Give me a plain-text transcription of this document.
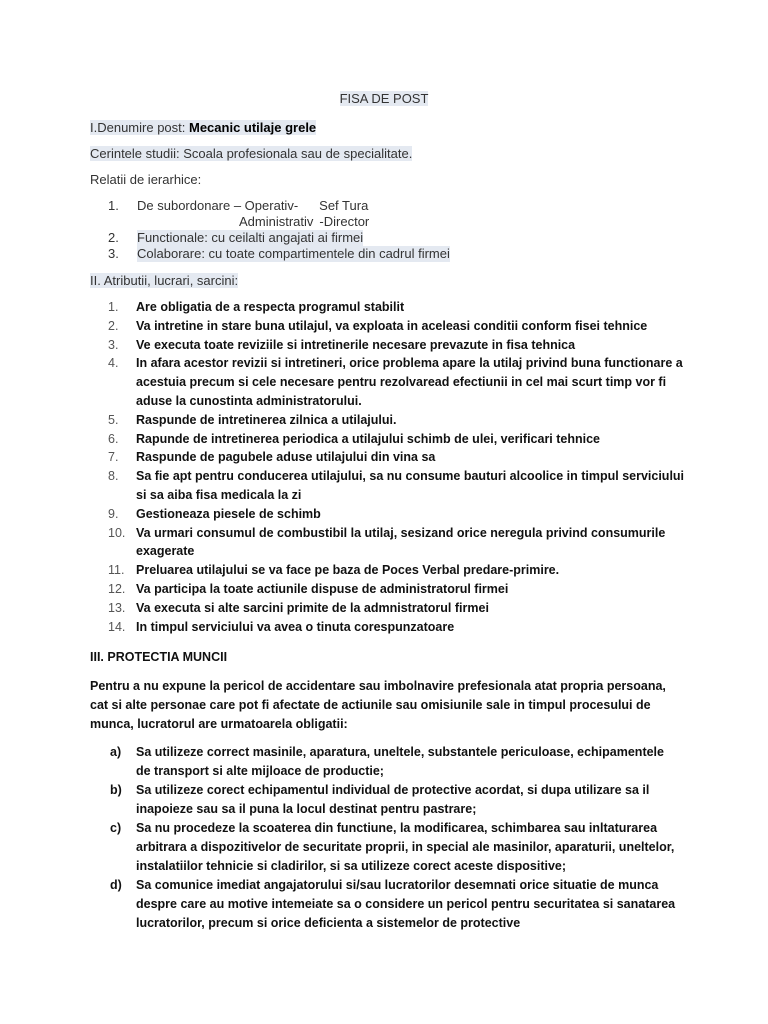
FISA DE POST
I.Denumire post: Mecanic utilaje grele
Cerintele studii: Scoala profesionala sau de specialitate.
Relatii de ierarhice:
1.	De subordonare – Operativ- Sef Tura
Administrativ -Director
2.	Functionale: cu ceilalti angajati ai firmei
3.	Colaborare: cu toate compartimentele din cadrul firmei
II. Atributii, lucrari, sarcini:
1. Are obligatia de a respecta programul stabilit
2. Va intretine in stare buna utilajul, va exploata in aceleasi conditii conform fisei tehnice
3. Ve executa toate reviziile si intretinerile necesare prevazute in fisa tehnica
4. In afara acestor revizii si intretineri, orice problema apare la utilaj privind buna functionare a acestuia precum si cele necesare pentru rezolvaread efectiunii in cel mai scurt timp vor fi aduse la cunostinta administratorului.
5. Raspunde de intretinerea zilnica a utilajului.
6. Rapunde de intretinerea periodica a utilajului schimb de ulei, verificari tehnice
7. Raspunde de pagubele aduse utilajului din vina sa
8. Sa fie apt pentru conducerea utilajului, sa nu consume bauturi alcoolice in timpul serviciului si sa aiba fisa medicala la zi
9. Gestioneaza piesele de schimb
10. Va urmari consumul de combustibil la utilaj, sesizand orice neregula privind consumurile exagerate
11. Preluarea utilajului se va face pe baza de Poces Verbal predare-primire.
12. Va participa la toate actiunile dispuse de administratorul firmei
13. Va executa si alte sarcini primite de la admnistratorul firmei
14. In timpul serviciului va avea o tinuta corespunzatoare
III. PROTECTIA MUNCII
Pentru a nu expune la pericol de accidentare sau imbolnavire prefesionala atat propria persoana, cat si alte personae care pot fi afectate de actiunile sau omisiunile sale in timpul procesului de munca, lucratorul are urmatoarela obligatii:
a) Sa utilizeze correct masinile, aparatura, uneltele, substantele periculoase, echipamentele de transport si alte mijloace de productie;
b) Sa utilizeze corect echipamentul individual de protective acordat, si dupa utilizare sa il inapoieze sau sa il puna la locul destinat pentru pastrare;
c) Sa nu procedeze la scoaterea din functiune, la modificarea, schimbarea sau inltaturarea arbitrara a dispozitivelor de securitate proprii, in special ale masinilor, aparaturii, uneltelor, instalatiilor tehnicie si cladirilor, si sa utilizeze corect aceste dispositive;
d) Sa comunice imediat angajatorului si/sau lucratorilor desemnati orice situatie de munca despre care au motive intemeiate sa o considere un pericol pentru securitatea si sanatarea lucratorilor, precum si orice deficienta a sistemelor de protective
